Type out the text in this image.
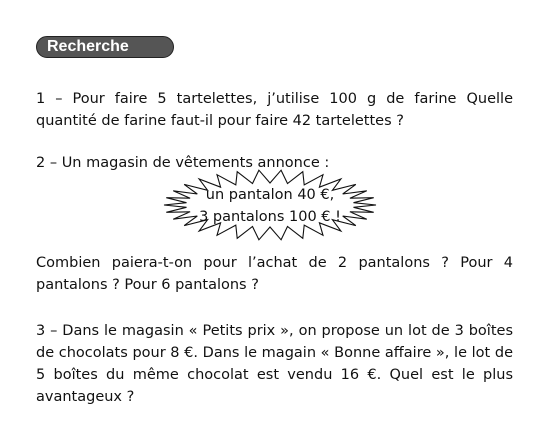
Recherche
1 – Pour faire 5 tartelettes, j’utilise 100 g de farine Quelle
quantité de farine faut-il pour faire 42 tartelettes ?
2 – Un magasin de vêtements annonce :
un pantalon 40 €,
3 pantalons 100 € !
Combien paiera-t-on pour l’achat de 2 pantalons ? Pour 4
pantalons ? Pour 6 pantalons ?
3 – Dans le magasin « Petits prix », on propose un lot de 3 boîtes
de chocolats pour 8 €. Dans le magain « Bonne affaire », le lot de
5 boîtes du même chocolat est vendu 16 €. Quel est le plus
avantageux ?
